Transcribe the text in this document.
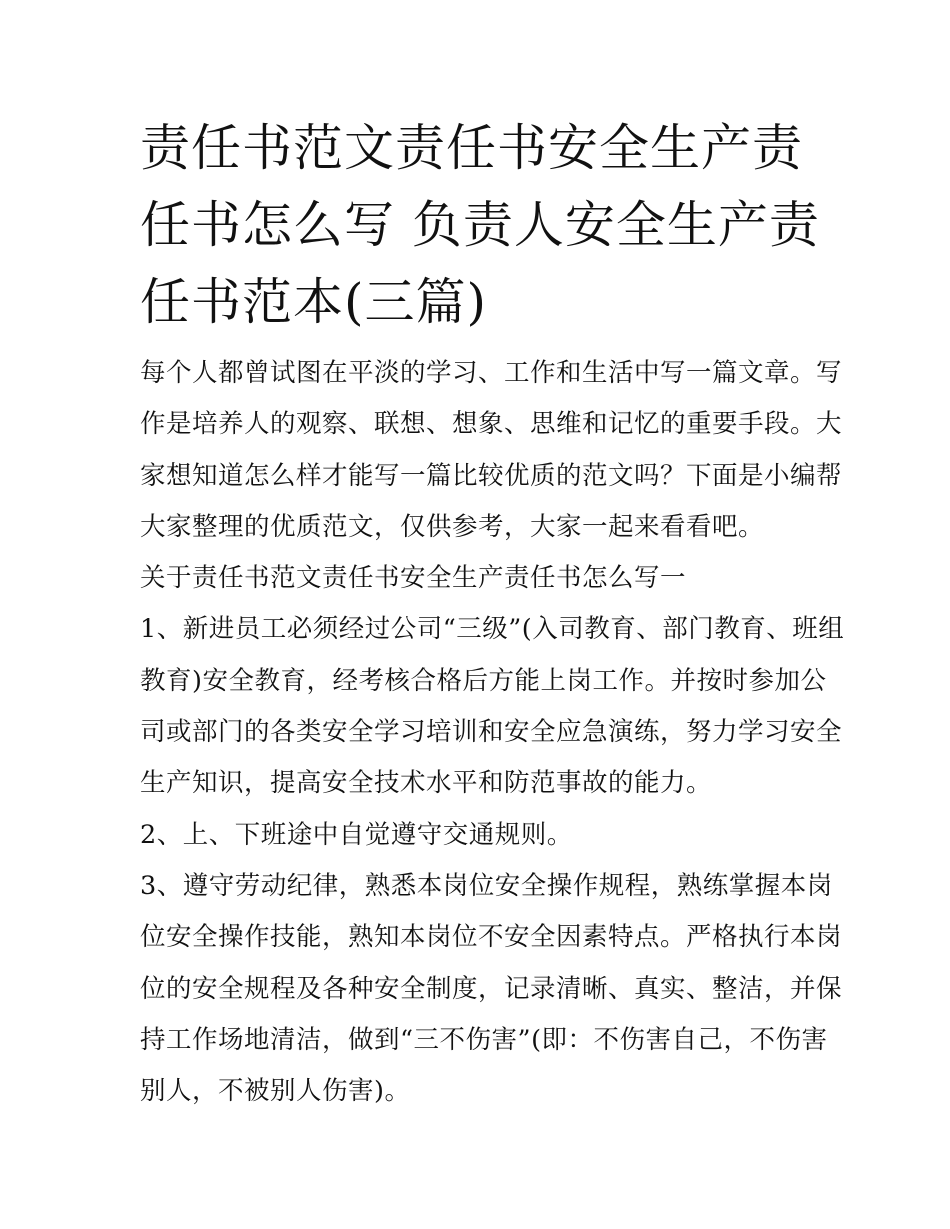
责任书范文责任书安全生产责
任书怎么写 负责人安全生产责
任书范本(三篇)
每个人都曾试图在平淡的学习、工作和生活中写一篇文章。写
作是培养人的观察、联想、想象、思维和记忆的重要手段。大
家想知道怎么样才能写一篇比较优质的范文吗？下面是小编帮
大家整理的优质范文，仅供参考，大家一起来看看吧。
关于责任书范文责任书安全生产责任书怎么写一
1、新进员工必须经过公司“三级”(入司教育、部门教育、班组
教育)安全教育，经考核合格后方能上岗工作。并按时参加公
司或部门的各类安全学习培训和安全应急演练，努力学习安全
生产知识，提高安全技术水平和防范事故的能力。
2、上、下班途中自觉遵守交通规则。
3、遵守劳动纪律，熟悉本岗位安全操作规程，熟练掌握本岗
位安全操作技能，熟知本岗位不安全因素特点。严格执行本岗
位的安全规程及各种安全制度，记录清晰、真实、整洁，并保
持工作场地清洁，做到“三不伤害”(即：不伤害自己，不伤害
别人，不被别人伤害)。
